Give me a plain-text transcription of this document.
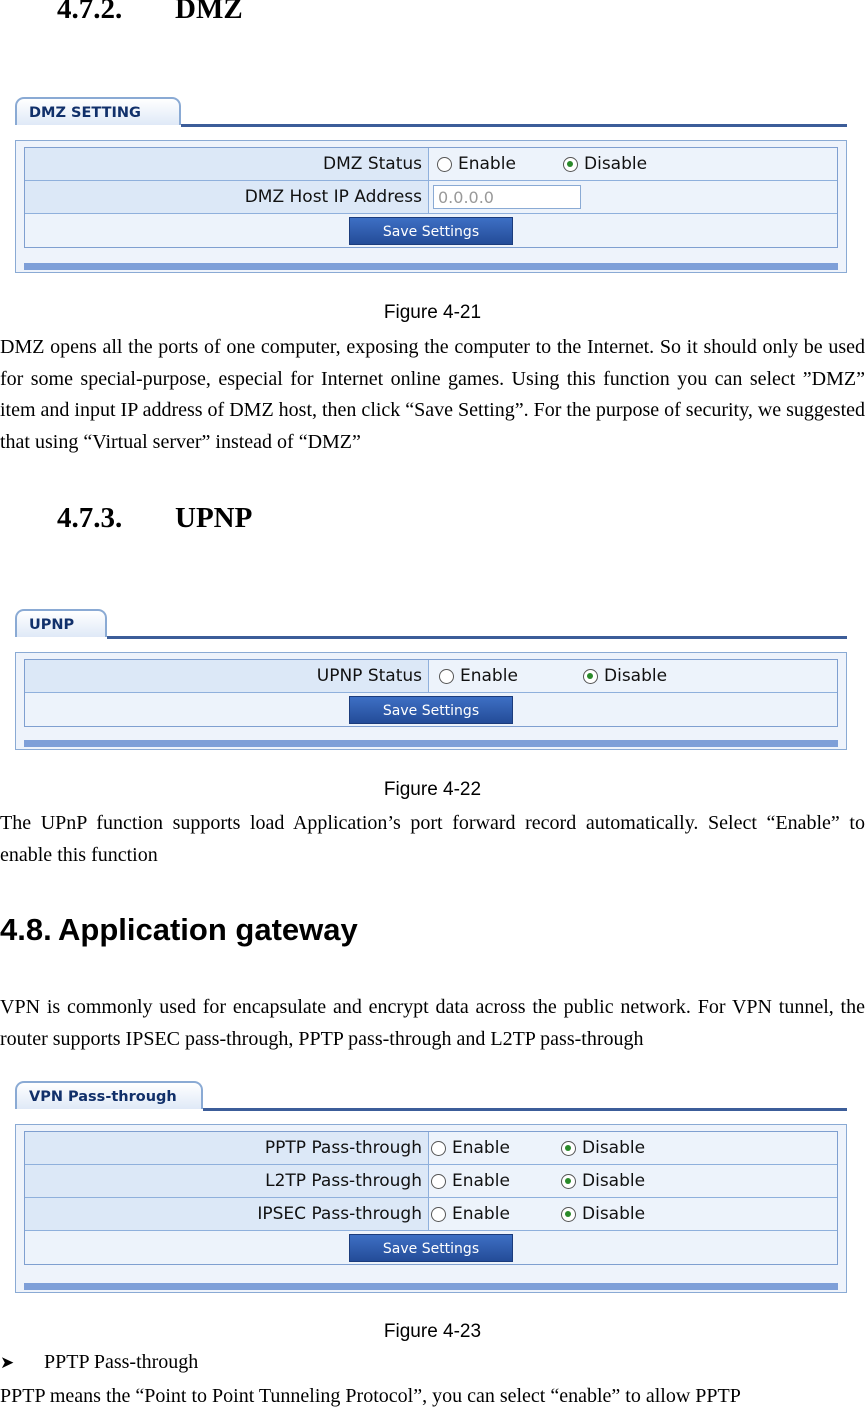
4.7.2. DMZ
DMZ SETTING
DMZ Status	Enable	Disable
DMZ Host IP Address	0.0.0.0
Save Settings
Figure 4-21
DMZ opens all the ports of one computer, exposing the computer to the Internet. So it should only be used for some special-purpose, especial for Internet online games. Using this function you can select ”DMZ” item and input IP address of DMZ host, then click “Save Setting”. For the purpose of security, we suggested that using “Virtual server” instead of “DMZ”
4.7.3. UPNP
UPNP
UPNP Status	Enable	Disable
Save Settings
Figure 4-22
The UPnP function supports load Application’s port forward record automatically. Select “Enable” to enable this function
4.8. Application gateway
VPN is commonly used for encapsulate and encrypt data across the public network. For VPN tunnel, the router supports IPSEC pass-through, PPTP pass-through and L2TP pass-through
VPN Pass-through
PPTP Pass-through	Enable	Disable
L2TP Pass-through	Enable	Disable
IPSEC Pass-through	Enable	Disable
Save Settings
Figure 4-23
➤ PPTP Pass-through
PPTP means the “Point to Point Tunneling Protocol”, you can select “enable” to allow PPTP
